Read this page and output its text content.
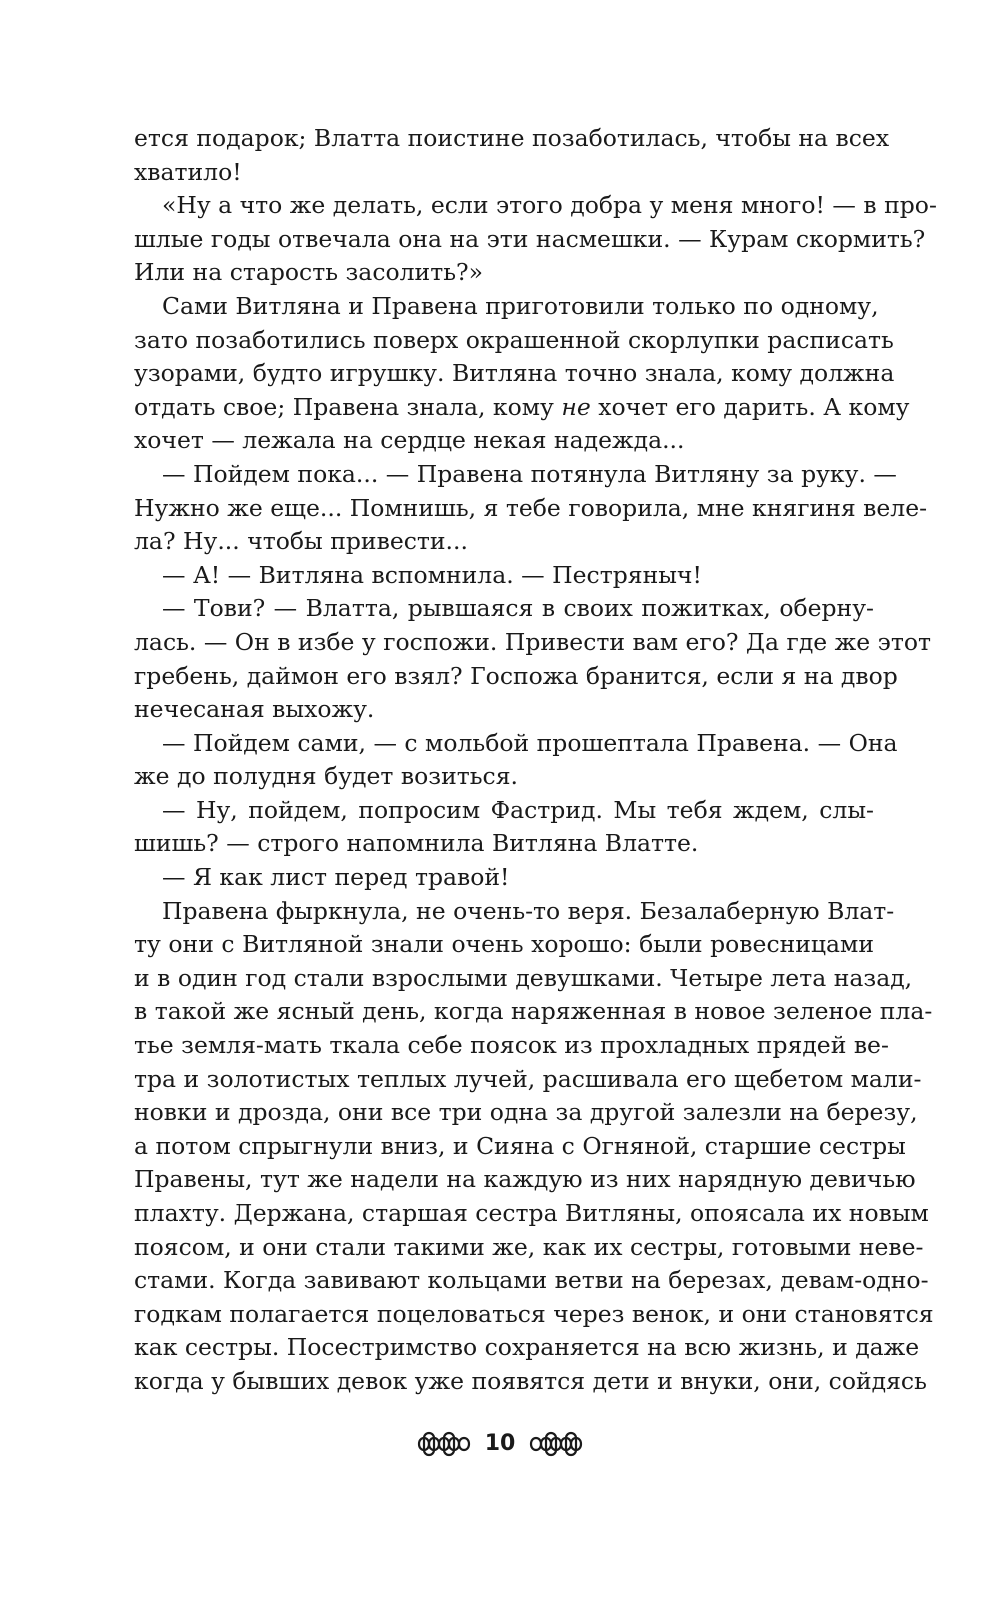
ется подарок; Влатта поистине позаботилась, чтобы на всех
хватило!
«Ну а что же делать, если этого добра у меня много! — в про-
шлые годы отвечала она на эти насмешки. — Курам скормить?
Или на старость засолить?»
Сами Витляна и Правена приготовили только по одному,
зато позаботились поверх окрашенной скорлупки расписать
узорами, будто игрушку. Витляна точно знала, кому должна
отдать свое; Правена знала, кому не хочет его дарить. А кому
хочет — лежала на сердце некая надежда...
— Пойдем пока... — Правена потянула Витляну за руку. —
Нужно же еще... Помнишь, я тебе говорила, мне княгиня веле-
ла? Ну... чтобы привести...
— А! — Витляна вспомнила. — Пестряныч!
— Тови? — Влатта, рывшаяся в своих пожитках, оберну-
лась. — Он в избе у госпожи. Привести вам его? Да где же этот
гребень, даймон его взял? Госпожа бранится, если я на двор
нечесаная выхожу.
— Пойдем сами, — с мольбой прошептала Правена. — Она
же до полудня будет возиться.
— Ну, пойдем, попросим Фастрид. Мы тебя ждем, слы-
шишь? — строго напомнила Витляна Влатте.
— Я как лист перед травой!
Правена фыркнула, не очень-то веря. Безалаберную Влат-
ту они с Витляной знали очень хорошо: были ровесницами
и в один год стали взрослыми девушками. Четыре лета назад,
в такой же ясный день, когда наряженная в новое зеленое пла-
тье земля-мать ткала себе поясок из прохладных прядей ве-
тра и золотистых теплых лучей, расшивала его щебетом мали-
новки и дрозда, они все три одна за другой залезли на березу,
а потом спрыгнули вниз, и Сияна с Огняной, старшие сестры
Правены, тут же надели на каждую из них нарядную девичью
плахту. Держана, старшая сестра Витляны, опоясала их новым
поясом, и они стали такими же, как их сестры, готовыми неве-
стами. Когда завивают кольцами ветви на березах, девам-одно-
годкам полагается поцеловаться через венок, и они становятся
как сестры. Посестримство сохраняется на всю жизнь, и даже
когда у бывших девок уже появятся дети и внуки, они, сойдясь
10
